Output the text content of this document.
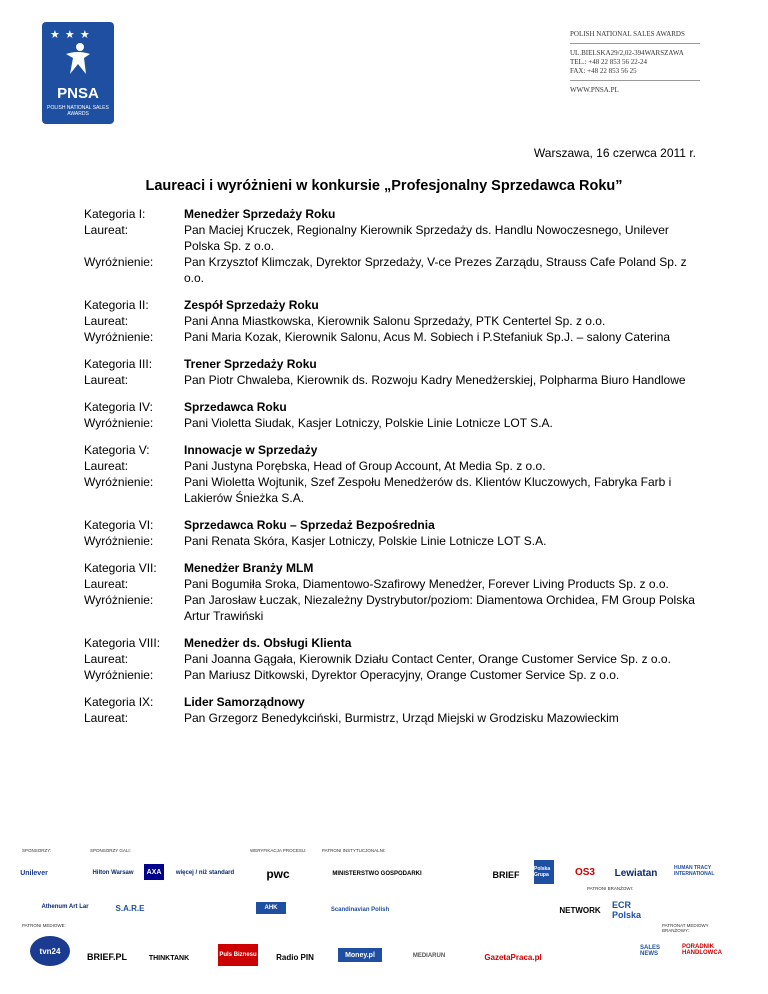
★ ★ ★
PNSA
POLISH NATIONAL SALES AWARDS
POLISH NATIONAL SALES AWARDS
UL.BIELSKA29/2,02-394WARSZAWA
TEL.: +48 22 853 56 22-24
FAX: +48 22 853 56 25
WWW.PNSA.PL
Warszawa, 16 czerwca 2011 r.
Laureaci i wyróżnieni w konkursie „Profesjonalny Sprzedawca Roku”
Kategoria I:	Menedżer Sprzedaży Roku
Laureat:	Pan Maciej Kruczek, Regionalny Kierownik Sprzedaży ds. Handlu Nowoczesnego, Unilever Polska Sp. z o.o.
Wyróżnienie:	Pan Krzysztof Klimczak, Dyrektor Sprzedaży, V-ce Prezes Zarządu, Strauss Cafe Poland Sp. z o.o.
Kategoria II:	Zespół Sprzedaży Roku
Laureat:	Pani Anna Miastkowska, Kierownik Salonu Sprzedaży, PTK Centertel Sp. z o.o.
Wyróżnienie:	Pani Maria Kozak, Kierownik Salonu, Acus M. Sobiech i P.Stefaniuk Sp.J. – salony Caterina
Kategoria III:	Trener Sprzedaży Roku
Laureat:	Pan Piotr Chwaleba, Kierownik ds. Rozwoju Kadry Menedżerskiej, Polpharma Biuro Handlowe
Kategoria IV:	Sprzedawca Roku
Wyróżnienie:	Pani Violetta Siudak, Kasjer Lotniczy, Polskie Linie Lotnicze LOT S.A.
Kategoria V:	Innowacje w Sprzedaży
Laureat:	Pani Justyna Porębska, Head of Group Account, At Media Sp. z o.o.
Wyróżnienie:	Pani Wioletta Wojtunik, Szef Zespołu Menedżerów ds. Klientów Kluczowych, Fabryka Farb i Lakierów Śnieżka S.A.
Kategoria VI:	Sprzedawca Roku – Sprzedaż Bezpośrednia
Wyróżnienie:	Pani Renata Skóra, Kasjer Lotniczy, Polskie Linie Lotnicze LOT S.A.
Kategoria VII:	Menedżer Branży MLM
Laureat:	Pani Bogumiła Sroka, Diamentowo-Szafirowy Menedżer, Forever Living Products Sp. z o.o.
Wyróżnienie:	Pan Jarosław Łuczak, Niezależny Dystrybutor/poziom: Diamentowa Orchidea, FM Group Polska Artur Trawiński
Kategoria VIII:	Menedżer ds. Obsługi Klienta
Laureat:	Pani Joanna Gągała, Kierownik Działu Contact Center, Orange Customer Service Sp. z o.o.
Wyróżnienie:	Pan Mariusz Ditkowski, Dyrektor Operacyjny, Orange Customer Service Sp. z o.o.
Kategoria IX:	Lider Samorządnowy
Laureat:	Pan Grzegorz Benedykciński, Burmistrz, Urząd Miejski w Grodzisku Mazowieckim
SPONSORZY:	SPONSORZY GALI:	WERYFIKACJA PROCESU:	PATRONI INSTYTUCJONALNI:
PATRONI BRANŻOWI:
PATRONI MEDIOWE:	PATRONAT MEDIOWY BRANŻOWY:
Unilever	Hilton Warsaw	AXA	więcej / niż standard	pwc	MINISTERSTWO GOSPODARKI	BRIEF
Polska Grupa	OS3	Lewiatan	HUMAN TRACY INTERNATIONAL
Athenum Art Lar	S.A.R.E	AHK	Scandinavian Polish	NETWORK ECR Polska
tvn24
BRIEF.PL	THINKTANK	Puls Biznesu	Radio PIN	Money.pl	MEDIARUN	GazetaPraca.pl
SALES NEWS
PORADNIK HANDLOWCA
